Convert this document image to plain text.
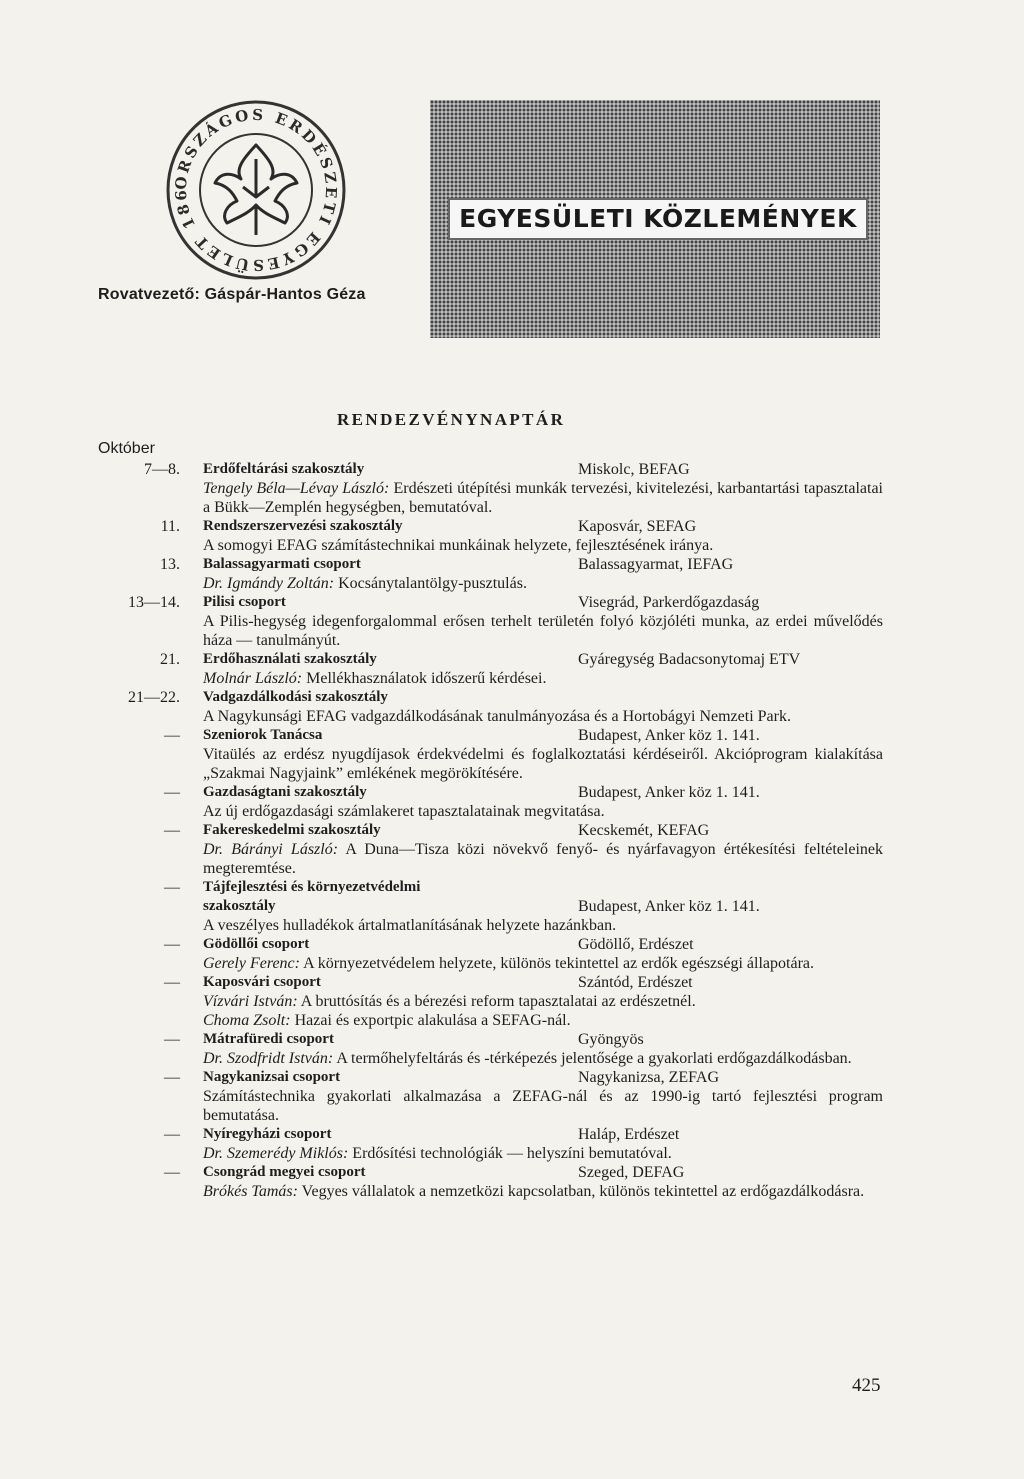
ORSZÁGOS ERDÉSZETI EGYESÜLET 186
Rovatvezető: Gáspár-Hantos Géza
EGYESÜLETI KÖZLEMÉNYEK
RENDEZVÉNYNAPTÁR
Október
7—8. Erdőfeltárási szakosztály	Miskolc, BEFAG
Tengely Béla—Lévay László: Erdészeti útépítési munkák tervezési, kivitelezési, karbantartási tapasztalatai a Bükk—Zemplén hegységben, bemutatóval.
11. Rendszerszervezési szakosztály	Kaposvár, SEFAG
A somogyi EFAG számítástechnikai munkáinak helyzete, fejlesztésének iránya.
13. Balassagyarmati csoport	Balassagyarmat, IEFAG
Dr. Igmándy Zoltán: Kocsánytalantölgy-pusztulás.
13—14. Pilisi csoport	Visegrád, Parkerdőgazdaság
A Pilis-hegység idegenforgalommal erősen terhelt területén folyó közjóléti munka, az erdei művelődés háza — tanulmányút.
21. Erdőhasználati szakosztály	Gyáregység Badacsonytomaj ETV
Molnár László: Mellékhasználatok időszerű kérdései.
21—22. Vadgazdálkodási szakosztály
A Nagykunsági EFAG vadgazdálkodásának tanulmányozása és a Hortobágyi Nemzeti Park.
— Szeniorok Tanácsa	Budapest, Anker köz 1. 141.
Vitaülés az erdész nyugdíjasok érdekvédelmi és foglalkoztatási kérdéseiről. Akcióprogram kialakítása „Szakmai Nagyjaink” emlékének megörökítésére.
— Gazdaságtani szakosztály	Budapest, Anker köz 1. 141.
Az új erdőgazdasági számlakeret tapasztalatainak megvitatása.
— Fakereskedelmi szakosztály	Kecskemét, KEFAG
Dr. Bárányi László: A Duna—Tisza közi növekvő fenyő- és nyárfavagyon értékesítési feltételeinek megteremtése.
— Tájfejlesztési és környezetvédelmi
szakosztály	Budapest, Anker köz 1. 141.
A veszélyes hulladékok ártalmatlanításának helyzete hazánkban.
— Gödöllői csoport	Gödöllő, Erdészet
Gerely Ferenc: A környezetvédelem helyzete, különös tekintettel az erdők egészségi állapotára.
— Kaposvári csoport	Szántód, Erdészet
Vízvári István: A bruttósítás és a bérezési reform tapasztalatai az erdészetnél.
Choma Zsolt: Hazai és exportpic alakulása a SEFAG-nál.
— Mátrafüredi csoport	Gyöngyös
Dr. Szodfridt István: A termőhelyfeltárás és -térképezés jelentősége a gyakorlati erdőgazdálkodásban.
— Nagykanizsai csoport	Nagykanizsa, ZEFAG
Számítástechnika gyakorlati alkalmazása a ZEFAG-nál és az 1990-ig tartó fejlesztési program bemutatása.
— Nyíregyházi csoport	Haláp, Erdészet
Dr. Szemerédy Miklós: Erdősítési technológiák — helyszíni bemutatóval.
— Csongrád megyei csoport	Szeged, DEFAG
Brókés Tamás: Vegyes vállalatok a nemzetközi kapcsolatban, különös tekintettel az erdőgazdálkodásra.
425
